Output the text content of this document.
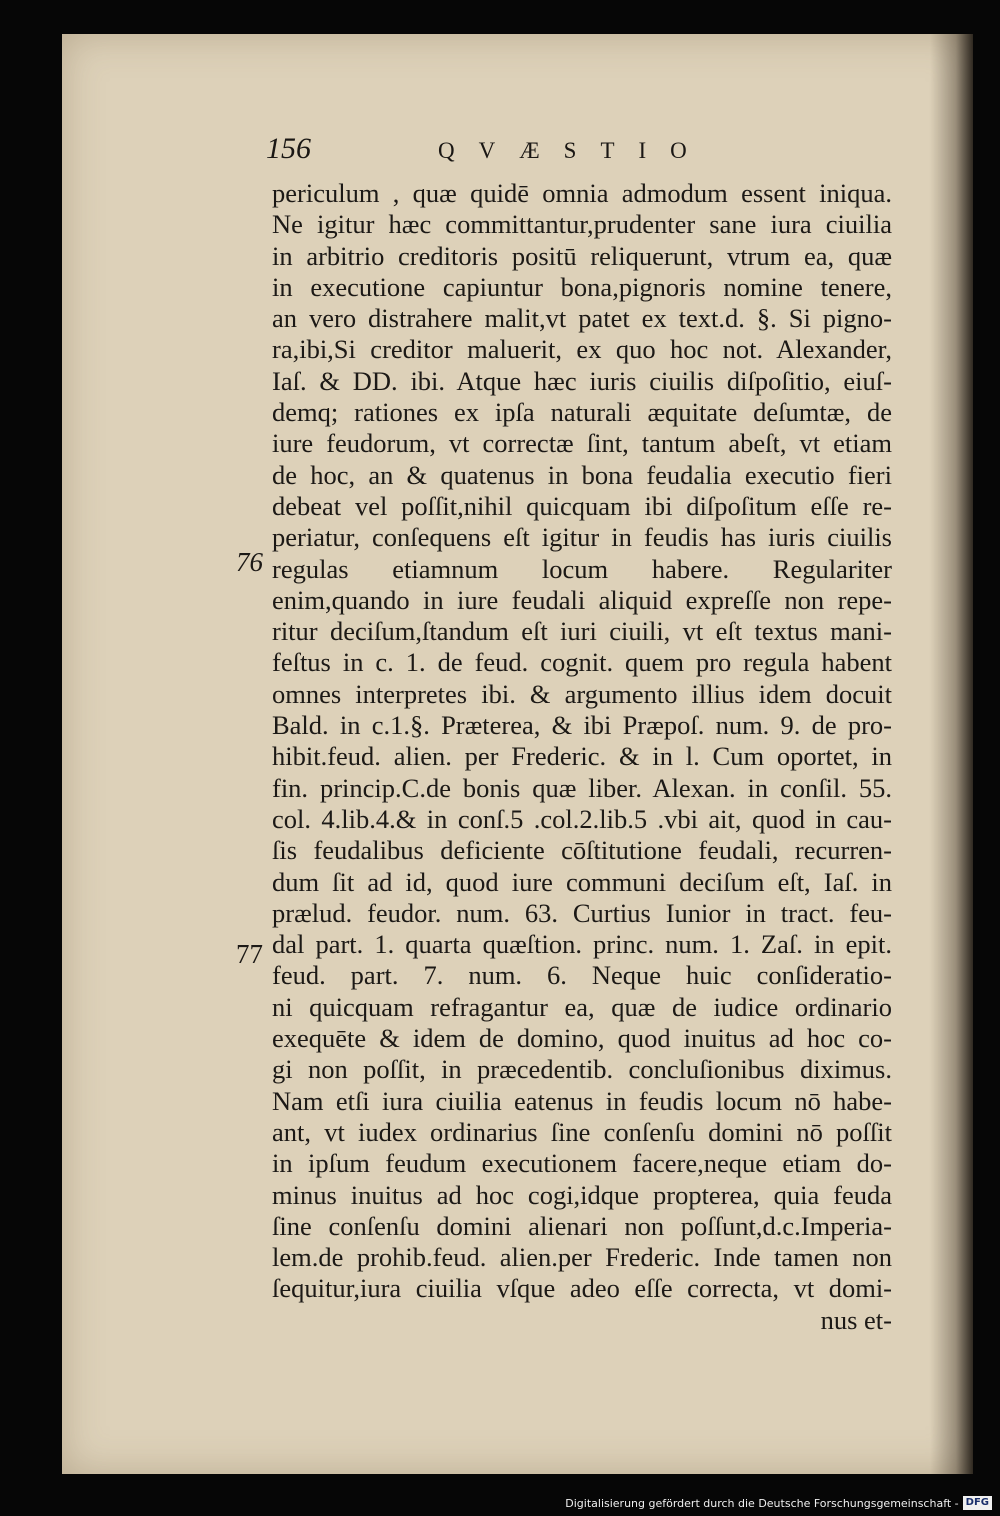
156	QVÆSTIO
76
77
periculum , quæ quidē omnia admodum essent iniqua.
Ne igitur hæc committantur,prudenter sane iura ciuilia
in arbitrio creditoris positū reliquerunt, vtrum ea, quæ
in executione capiuntur bona,pignoris nomine tenere,
an vero distrahere malit,vt patet ex text.d. §. Si pigno-
ra,ibi,Si creditor maluerit, ex quo hoc not. Alexander,
Iaſ. & DD. ibi. Atque hæc iuris ciuilis diſpoſitio, eiuſ-
demq; rationes ex ipſa naturali æquitate deſumtæ, de
iure feudorum, vt correctæ ſint, tantum abeſt, vt etiam
de hoc, an & quatenus in bona feudalia executio fieri
debeat vel poſſit,nihil quicquam ibi diſpoſitum eſſe re-
periatur, conſequens eſt igitur in feudis has iuris ciuilis
regulas etiamnum locum habere. Regulariter
enim,quando in iure feudali aliquid expreſſe non repe-
ritur deciſum,ſtandum eſt iuri ciuili, vt eſt textus mani-
feſtus in c. 1. de feud. cognit. quem pro regula habent
omnes interpretes ibi. & argumento illius idem docuit
Bald. in c.1.§. Præterea, & ibi Præpoſ. num. 9. de pro-
hibit.feud. alien. per Frederic. & in l. Cum oportet, in
fin. princip.C.de bonis quæ liber. Alexan. in conſil. 55.
col. 4.lib.4.& in conſ.5 .col.2.lib.5 .vbi ait, quod in cau-
ſis feudalibus deficiente cōſtitutione feudali, recurren-
dum ſit ad id, quod iure communi deciſum eſt, Iaſ. in
prælud. feudor. num. 63. Curtius Iunior in tract. feu-
dal part. 1. quarta quæſtion. princ. num. 1. Zaſ. in epit.
feud. part. 7. num. 6. Neque huic conſideratio-
ni quicquam refragantur ea, quæ de iudice ordinario
exequēte & idem de domino, quod inuitus ad hoc co-
gi non poſſit, in præcedentib. concluſionibus diximus.
Nam etſi iura ciuilia eatenus in feudis locum nō habe-
ant, vt iudex ordinarius ſine conſenſu domini nō poſſit
in ipſum feudum executionem facere,neque etiam do-
minus inuitus ad hoc cogi,idque propterea, quia feuda
ſine conſenſu domini alienari non poſſunt,d.c.Imperia-
lem.de prohib.feud. alien.per Frederic. Inde tamen non
ſequitur,iura ciuilia vſque adeo eſſe correcta, vt domi-
nus et-
Digitalisierung gefördert durch die Deutsche Forschungsgemeinschaft - DFG
